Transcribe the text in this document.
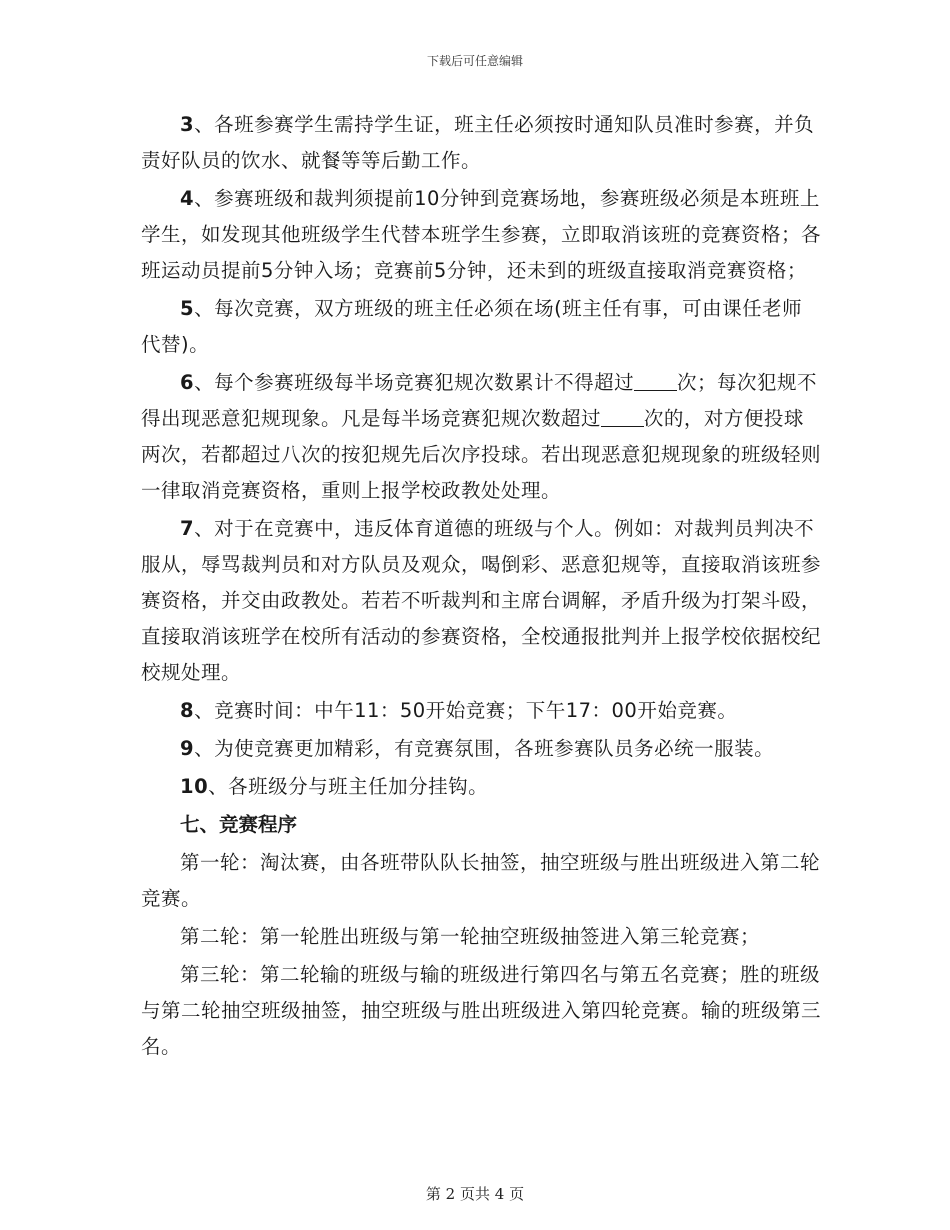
下载后可任意编辑

3、各班参赛学生需持学生证，班主任必须按时通知队员准时参赛，并负责好队员的饮水、就餐等等后勤工作。

4、参赛班级和裁判须提前10分钟到竞赛场地，参赛班级必须是本班班上学生，如发现其他班级学生代替本班学生参赛，立即取消该班的竞赛资格；各班运动员提前5分钟入场；竞赛前5分钟，还未到的班级直接取消竞赛资格；

5、每次竞赛，双方班级的班主任必须在场(班主任有事，可由课任老师代替)。

6、每个参赛班级每半场竞赛犯规次数累计不得超过 次；每次犯规不得出现恶意犯规现象。凡是每半场竞赛犯规次数超过 次的，对方便投球两次，若都超过八次的按犯规先后次序投球。若出现恶意犯规现象的班级轻则一律取消竞赛资格，重则上报学校政教处处理。

7、对于在竞赛中，违反体育道德的班级与个人。例如：对裁判员判决不服从，辱骂裁判员和对方队员及观众，喝倒彩、恶意犯规等，直接取消该班参赛资格，并交由政教处。若若不听裁判和主席台调解，矛盾升级为打架斗殴，直接取消该班学在校所有活动的参赛资格，全校通报批判并上报学校依据校纪校规处理。

8、竞赛时间：中午11：50开始竞赛；下午17：00开始竞赛。

9、为使竞赛更加精彩，有竞赛氛围，各班参赛队员务必统一服装。

10、各班级分与班主任加分挂钩。

七、竞赛程序

第一轮：淘汰赛，由各班带队队长抽签，抽空班级与胜出班级进入第二轮竞赛。

第二轮：第一轮胜出班级与第一轮抽空班级抽签进入第三轮竞赛；

第三轮：第二轮输的班级与输的班级进行第四名与第五名竞赛；胜的班级与第二轮抽空班级抽签，抽空班级与胜出班级进入第四轮竞赛。输的班级第三名。

第 2 页共 4 页
